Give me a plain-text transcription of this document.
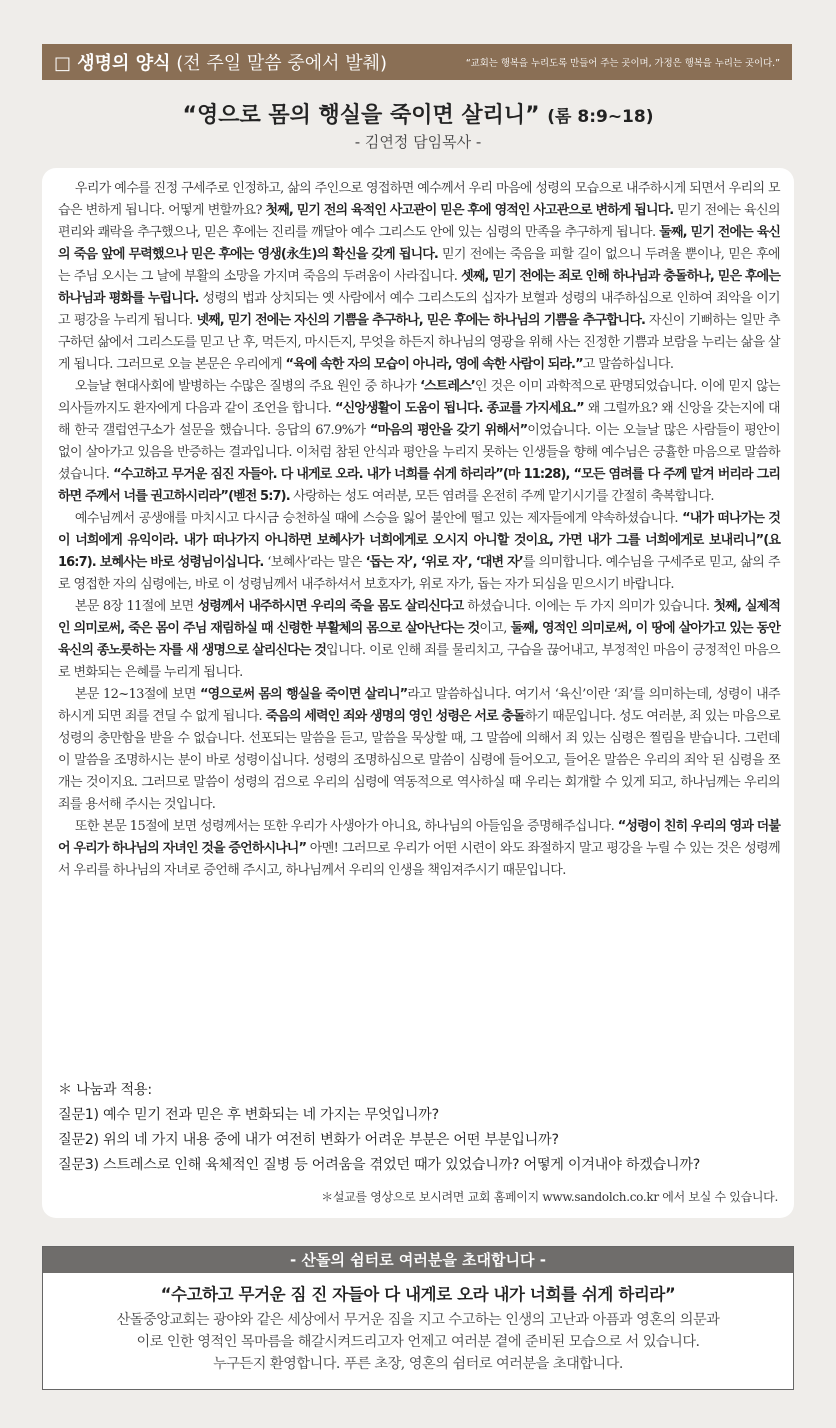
□ 생명의 양식 (전 주일 말씀 중에서 발췌)	“교회는 행복을 누리도록 만들어 주는 곳이며, 가정은 행복을 누리는 곳이다.”
“영으로 몸의 행실을 죽이면 살리니” (롬 8:9~18)
- 김연정 담임목사 -

우리가 예수를 진정 구세주로 인정하고, 삶의 주인으로 영접하면 예수께서 우리 마음에 성령의 모습으로 내주하시게 되면서 우리의 모습은 변하게 됩니다. 어떻게 변할까요? 첫째, 믿기 전의 육적인 사고관이 믿은 후에 영적인 사고관으로 변하게 됩니다. 믿기 전에는 육신의 편리와 쾌락을 추구했으나, 믿은 후에는 진리를 깨달아 예수 그리스도 안에 있는 심령의 만족을 추구하게 됩니다. 둘째, 믿기 전에는 육신의 죽음 앞에 무력했으나 믿은 후에는 영생(永生)의 확신을 갖게 됩니다. 믿기 전에는 죽음을 피할 길이 없으니 두려울 뿐이나, 믿은 후에는 주님 오시는 그 날에 부활의 소망을 가지며 죽음의 두려움이 사라집니다. 셋째, 믿기 전에는 죄로 인해 하나님과 충돌하나, 믿은 후에는 하나님과 평화를 누립니다. 성령의 법과 상치되는 옛 사람에서 예수 그리스도의 십자가 보혈과 성령의 내주하심으로 인하여 죄악을 이기고 평강을 누리게 됩니다. 넷째, 믿기 전에는 자신의 기쁨을 추구하나, 믿은 후에는 하나님의 기쁨을 추구합니다. 자신이 기뻐하는 일만 추구하던 삶에서 그리스도를 믿고 난 후, 먹든지, 마시든지, 무엇을 하든지 하나님의 영광을 위해 사는 진정한 기쁨과 보람을 누리는 삶을 살게 됩니다. 그러므로 오늘 본문은 우리에게 “육에 속한 자의 모습이 아니라, 영에 속한 사람이 되라.”고 말씀하십니다.

오늘날 현대사회에 발병하는 수많은 질병의 주요 원인 중 하나가 ‘스트레스’인 것은 이미 과학적으로 판명되었습니다. 이에 믿지 않는 의사들까지도 환자에게 다음과 같이 조언을 합니다. “신앙생활이 도움이 됩니다. 종교를 가지세요.” 왜 그럴까요? 왜 신앙을 갖는지에 대해 한국 갤럽연구소가 설문을 했습니다. 응답의 67.9%가 “마음의 평안을 갖기 위해서”이었습니다. 이는 오늘날 많은 사람들이 평안이 없이 살아가고 있음을 반증하는 결과입니다. 이처럼 참된 안식과 평안을 누리지 못하는 인생들을 향해 예수님은 긍휼한 마음으로 말씀하셨습니다. “수고하고 무거운 짐진 자들아. 다 내게로 오라. 내가 너희를 쉬게 하리라”(마 11:28), “모든 염려를 다 주께 맡겨 버리라 그리하면 주께서 너를 권고하시리라”(벧전 5:7). 사랑하는 성도 여러분, 모든 염려를 온전히 주께 맡기시기를 간절히 축복합니다.

예수님께서 공생애를 마치시고 다시금 승천하실 때에 스승을 잃어 불안에 떨고 있는 제자들에게 약속하셨습니다. “내가 떠나가는 것이 너희에게 유익이라. 내가 떠나가지 아니하면 보혜사가 너희에게로 오시지 아니할 것이요, 가면 내가 그를 너희에게로 보내리니”(요 16:7). 보혜사는 바로 성령님이십니다. ‘보혜사’라는 말은 ‘돕는 자’, ‘위로 자’, ‘대변 자’를 의미합니다. 예수님을 구세주로 믿고, 삶의 주로 영접한 자의 심령에는, 바로 이 성령님께서 내주하셔서 보호자가, 위로 자가, 돕는 자가 되심을 믿으시기 바랍니다.

본문 8장 11절에 보면 성령께서 내주하시면 우리의 죽을 몸도 살리신다고 하셨습니다. 이에는 두 가지 의미가 있습니다. 첫째, 실제적인 의미로써, 죽은 몸이 주님 재림하실 때 신령한 부활체의 몸으로 살아난다는 것이고, 둘째, 영적인 의미로써, 이 땅에 살아가고 있는 동안 육신의 종노릇하는 자를 새 생명으로 살리신다는 것입니다. 이로 인해 죄를 물리치고, 구습을 끊어내고, 부정적인 마음이 긍정적인 마음으로 변화되는 은혜를 누리게 됩니다.

본문 12~13절에 보면 “영으로써 몸의 행실을 죽이면 살리니”라고 말씀하십니다. 여기서 ‘육신’이란 ‘죄’를 의미하는데, 성령이 내주하시게 되면 죄를 견딜 수 없게 됩니다. 죽음의 세력인 죄와 생명의 영인 성령은 서로 충돌하기 때문입니다. 성도 여러분, 죄 있는 마음으로 성령의 충만함을 받을 수 없습니다. 선포되는 말씀을 듣고, 말씀을 묵상할 때, 그 말씀에 의해서 죄 있는 심령은 찔림을 받습니다. 그런데 이 말씀을 조명하시는 분이 바로 성령이십니다. 성령의 조명하심으로 말씀이 심령에 들어오고, 들어온 말씀은 우리의 죄악 된 심령을 쪼개는 것이지요. 그러므로 말씀이 성령의 검으로 우리의 심령에 역동적으로 역사하실 때 우리는 회개할 수 있게 되고, 하나님께는 우리의 죄를 용서해 주시는 것입니다.

또한 본문 15절에 보면 성령께서는 또한 우리가 사생아가 아니요, 하나님의 아들임을 증명해주십니다. “성령이 친히 우리의 영과 더불어 우리가 하나님의 자녀인 것을 증언하시나니” 아멘! 그러므로 우리가 어떤 시련이 와도 좌절하지 말고 평강을 누릴 수 있는 것은 성령께서 우리를 하나님의 자녀로 증언해 주시고, 하나님께서 우리의 인생을 책임져주시기 때문입니다.

＊ 나눔과 적용:
질문1) 예수 믿기 전과 믿은 후 변화되는 네 가지는 무엇입니까?
질문2) 위의 네 가지 내용 중에 내가 여전히 변화가 어려운 부분은 어떤 부분입니까?
질문3) 스트레스로 인해 육체적인 질병 등 어려움을 겪었던 때가 있었습니까? 어떻게 이겨내야 하겠습니까?
＊설교를 영상으로 보시려면 교회 홈페이지 www.sandolch.co.kr 에서 보실 수 있습니다.
- 산돌의 쉼터로 여러분을 초대합니다 -
“수고하고 무거운 짐 진 자들아 다 내게로 오라 내가 너희를 쉬게 하리라”
산돌중앙교회는 광야와 같은 세상에서 무거운 짐을 지고 수고하는 인생의 고난과 아픔과 영혼의 의문과
이로 인한 영적인 목마름을 해갈시켜드리고자 언제고 여러분 곁에 준비된 모습으로 서 있습니다.
누구든지 환영합니다. 푸른 초장, 영혼의 쉼터로 여러분을 초대합니다.
